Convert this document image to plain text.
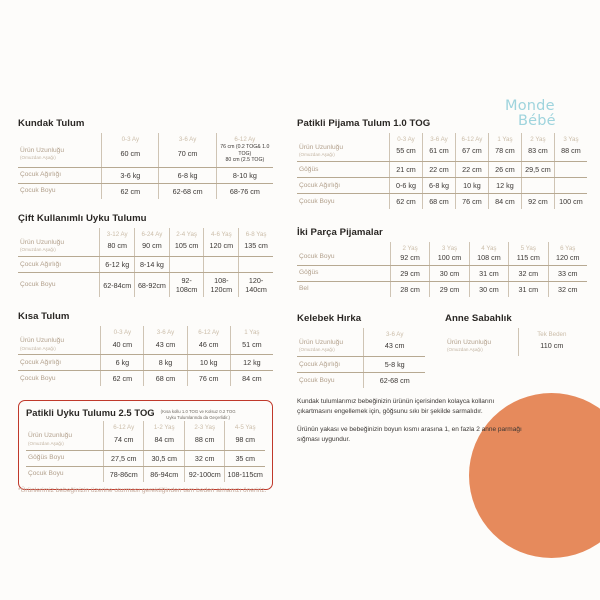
Monde
Bébé
Kundak Tulum
	0-3 Ay	3-6 Ay	6-12 Ay
Ürün Uzunluğu
(Omuzdan Aşağı)	60 cm	70 cm	76 cm (0.2 TOG& 1.0 TOG)
80 cm (2.5 TOG)
Çocuk Ağırlığı	3-6 kg	6-8 kg	8-10 kg
Çocuk Boyu	62 cm	62-68 cm	68-76 cm
Çift Kullanımlı Uyku Tulumu
	3-12 Ay	6-24 Ay	2-4 Yaş	4-6 Yaş	6-8 Yaş
Ürün Uzunluğu
(Omuzdan Aşağı)	80 cm	90 cm	105 cm	120 cm	135 cm
Çocuk Ağırlığı	6-12 kg	8-14 kg			
Çocuk Boyu	62-84cm	68-92cm	92-108cm	108-120cm	120-140cm
Kısa Tulum
	0-3 Ay	3-6 Ay	6-12 Ay	1 Yaş
Ürün Uzunluğu
(Omuzdan Aşağı)	40 cm	43 cm	46 cm	51 cm
Çocuk Ağırlığı	6 kg	8 kg	10 kg	12 kg
Çocuk Boyu	62 cm	68 cm	76 cm	84 cm
Patikli Uyku Tulumu 2.5 TOG (Kısa kollu 1.0 TOG ve Kolsuz 0.2 TOG
Uyku Tulumlarında da Geçerlidir.)
	6-12 Ay	1-2 Yaş	2-3 Yaş	4-5 Yaş
Ürün Uzunluğu
(Omuzdan Aşağı)	74 cm	84 cm	88 cm	98 cm
Göğüs Boyu	27,5 cm	30,5 cm	32 cm	35 cm
Çocuk Boyu	78-86cm	86-94cm	92-100cm	108-115cm
Patikli Pijama Tulum 1.0 TOG
	0-3 Ay	3-6 Ay	6-12 Ay	1 Yaş	2 Yaş	3 Yaş
Ürün Uzunluğu
(Omuzdan Aşağı)	55 cm	61 cm	67 cm	78 cm	83 cm	88 cm
Göğüs	21 cm	22 cm	22 cm	26 cm	29,5 cm	
Çocuk Ağırlığı	0-6 kg	6-8 kg	10 kg	12 kg		
Çocuk Boyu	62 cm	68 cm	76 cm	84 cm	92 cm	100 cm
İki Parça Pijamalar
	2 Yaş	3 Yaş	4 Yaş	5 Yaş	6 Yaş
Çocuk Boyu	92 cm	100 cm	108 cm	115 cm	120 cm
Göğüs	29 cm	30 cm	31 cm	32 cm	33 cm
Bel	28 cm	29 cm	30 cm	31 cm	32 cm
Kelebek Hırka
	3-6 Ay
Ürün Uzunluğu
(Omuzdan Aşağı)	43 cm
Çocuk Ağırlığı	5-8 kg
Çocuk Boyu	62-68 cm
Anne Sabahlık
	Tek Beden
Ürün Uzunluğu
(Omuzdan Aşağı)	110 cm
Kundak tulumlarımız bebeğinizin ürünün içerisinden kolayca kollarını çıkartmasını engellemek için, göğsunu sıkı bir şekilde sarmalıdır.
Ürünün yakası ve bebeğinizin boyun kısmı arasına 1, en fazla 2 anne parmağı sığması uygundur.
*Ürünlerimiz bebeğinizin üzerine oturması gerektiğinden tam beden almanızı öneririz.
